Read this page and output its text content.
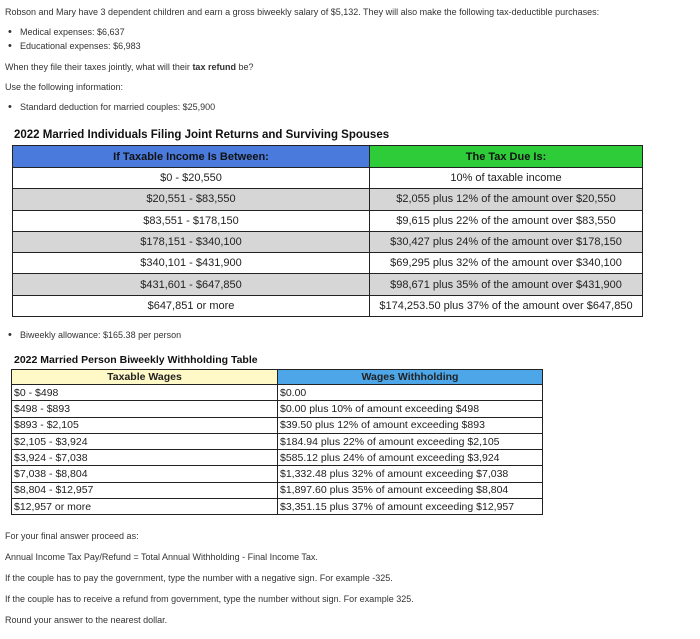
Robson and Mary have 3 dependent children and earn a gross biweekly salary of $5,132. They will also make the following tax-deductible purchases:
• Medical expenses: $6,637
• Educational expenses: $6,983
When they file their taxes jointly, what will their tax refund be?
Use the following information:
• Standard deduction for married couples: $25,900
2022 Married Individuals Filing Joint Returns and Surviving Spouses
If Taxable Income Is Between:	The Tax Due Is:
$0 - $20,550	10% of taxable income
$20,551 - $83,550	$2,055 plus 12% of the amount over $20,550
$83,551 - $178,150	$9,615 plus 22% of the amount over $83,550
$178,151 - $340,100	$30,427 plus 24% of the amount over $178,150
$340,101 - $431,900	$69,295 plus 32% of the amount over $340,100
$431,601 - $647,850	$98,671 plus 35% of the amount over $431,900
$647,851 or more	$174,253.50 plus 37% of the amount over $647,850
• Biweekly allowance: $165.38 per person
2022 Married Person Biweekly Withholding Table
Taxable Wages	Wages Withholding
$0 - $498	$0.00
$498 - $893	$0.00 plus 10% of amount exceeding $498
$893 - $2,105	$39.50 plus 12% of amount exceeding $893
$2,105 - $3,924	$184.94 plus 22% of amount exceeding $2,105
$3,924 - $7,038	$585.12 plus 24% of amount exceeding $3,924
$7,038 - $8,804	$1,332.48 plus 32% of amount exceeding $7,038
$8,804 - $12,957	$1,897.60 plus 35% of amount exceeding $8,804
$12,957 or more	$3,351.15 plus 37% of amount exceeding $12,957
For your final answer proceed as:
Annual Income Tax Pay/Refund = Total Annual Withholding - Final Income Tax.
If the couple has to pay the government, type the number with a negative sign. For example -325.
If the couple has to receive a refund from government, type the number without sign. For example 325.
Round your answer to the nearest dollar.
